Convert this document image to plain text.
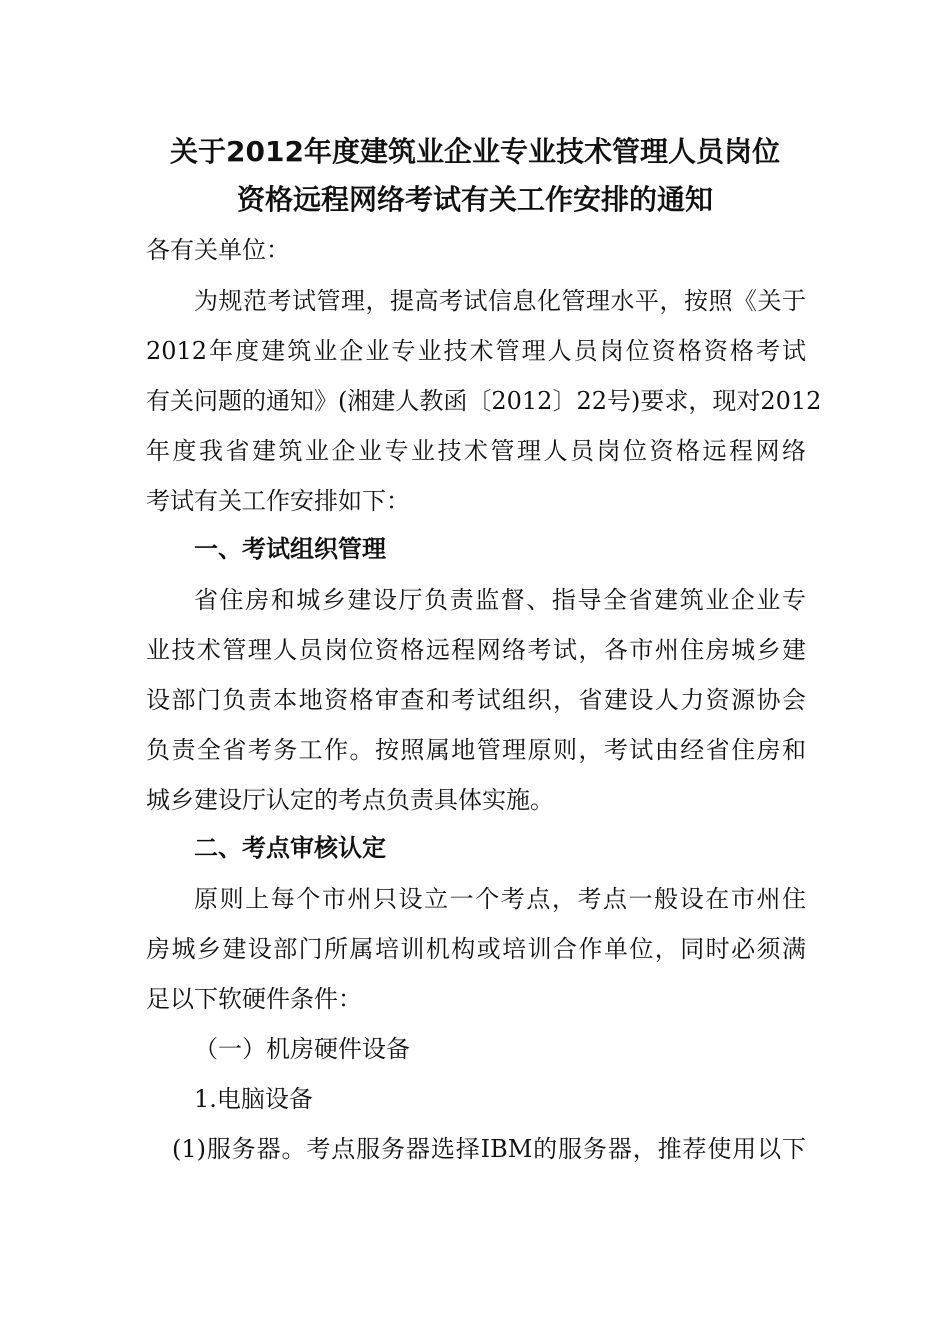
关于2012年度建筑业企业专业技术管理人员岗位
资格远程网络考试有关工作安排的通知
各有关单位：
为规范考试管理，提高考试信息化管理水平，按照《关于
2012年度建筑业企业专业技术管理人员岗位资格资格考试
有关问题的通知》(湘建人教函〔2012〕22号)要求，现对2012
年度我省建筑业企业专业技术管理人员岗位资格远程网络
考试有关工作安排如下：
一、考试组织管理
省住房和城乡建设厅负责监督、指导全省建筑业企业专
业技术管理人员岗位资格远程网络考试，各市州住房城乡建
设部门负责本地资格审查和考试组织，省建设人力资源协会
负责全省考务工作。按照属地管理原则，考试由经省住房和
城乡建设厅认定的考点负责具体实施。
二、考点审核认定
原则上每个市州只设立一个考点，考点一般设在市州住
房城乡建设部门所属培训机构或培训合作单位，同时必须满
足以下软硬件条件：
（一）机房硬件设备
1.电脑设备
(1)服务器。考点服务器选择IBM的服务器，推荐使用以下
